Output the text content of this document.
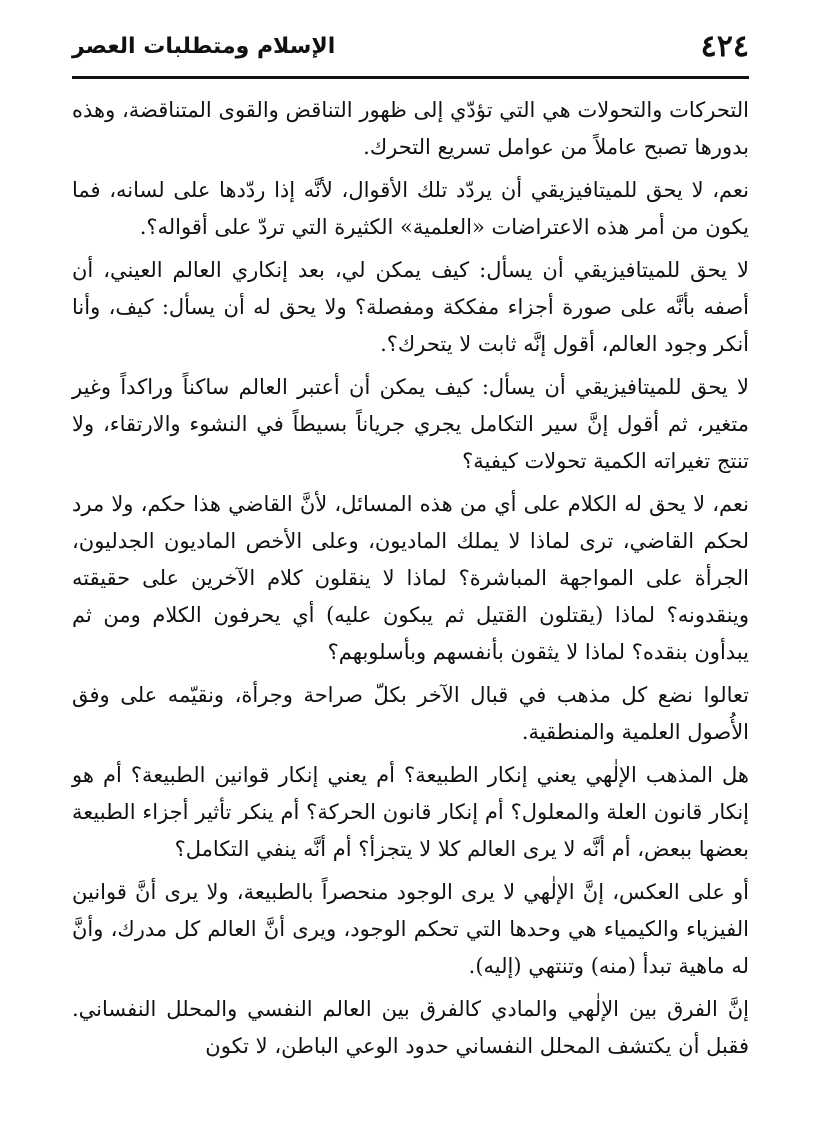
٤٢٤
الإسلام ومتطلبات العصر

التحركات والتحولات هي التي تؤدّي إلى ظهور التناقض والقوى المتناقضة، وهذه بدورها تصبح عاملاً من عوامل تسريع التحرك.

نعم، لا يحق للميتافيزيقي أن يردّد تلك الأقوال، لأنَّه إذا ردّدها على لسانه، فما يكون من أمر هذه الاعتراضات «العلمية» الكثيرة التي تردّ على أقواله؟.

لا يحق للميتافيزيقي أن يسأل: كيف يمكن لي، بعد إنكاري العالم العيني، أن أصفه بأنَّه على صورة أجزاء مفككة ومفصلة؟ ولا يحق له أن يسأل: كيف، وأنا أنكر وجود العالم، أقول إنَّه ثابت لا يتحرك؟.

لا يحق للميتافيزيقي أن يسأل: كيف يمكن أن أعتبر العالم ساكناً وراكداً وغير متغير، ثم أقول إنَّ سير التكامل يجري جرياناً بسيطاً في النشوء والارتقاء، ولا تنتج تغيراته الكمية تحولات كيفية؟

نعم، لا يحق له الكلام على أي من هذه المسائل، لأنَّ القاضي هذا حكم، ولا مرد لحكم القاضي، ترى لماذا لا يملك الماديون، وعلى الأخص الماديون الجدليون، الجرأة على المواجهة المباشرة؟ لماذا لا ينقلون كلام الآخرين على حقيقته وينقدونه؟ لماذا (يقتلون القتيل ثم يبكون عليه) أي يحرفون الكلام ومن ثم يبدأون بنقده؟ لماذا لا يثقون بأنفسهم وبأسلوبهم؟

تعالوا نضع كل مذهب في قبال الآخر بكلّ صراحة وجرأة، ونقيّمه على وفق الأُصول العلمية والمنطقية.

هل المذهب الإلٰهي يعني إنكار الطبيعة؟ أم يعني إنكار قوانين الطبيعة؟ أم هو إنكار قانون العلة والمعلول؟ أم إنكار قانون الحركة؟ أم ينكر تأثير أجزاء الطبيعة بعضها ببعض، أم أنَّه لا يرى العالم كلا لا يتجزأ؟ أم أنَّه ينفي التكامل؟

أو على العكس، إنَّ الإلٰهي لا يرى الوجود منحصراً بالطبيعة، ولا يرى أنَّ قوانين الفيزياء والكيمياء هي وحدها التي تحكم الوجود، ويرى أنَّ العالم كل مدرك، وأنَّ له ماهية تبدأ (منه) وتنتهي (إليه).

إنَّ الفرق بين الإلٰهي والمادي كالفرق بين العالم النفسي والمحلل النفساني. فقبل أن يكتشف المحلل النفساني حدود الوعي الباطن، لا تكون
